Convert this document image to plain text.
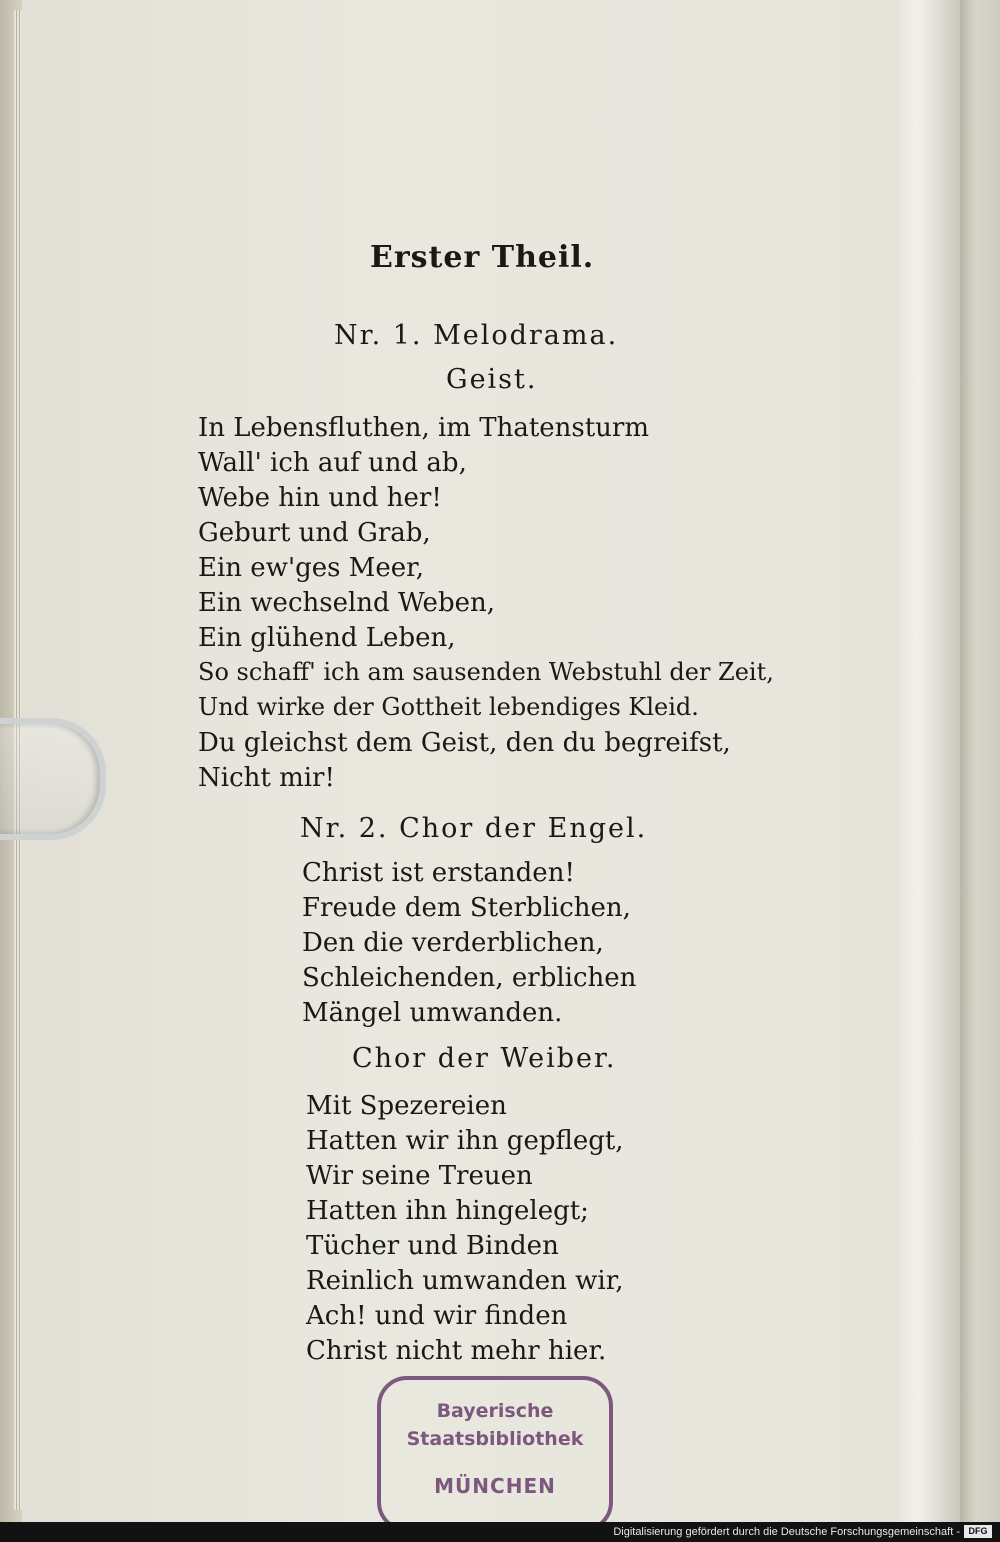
Erster Theil.
Nr. 1. Melodrama.
Geist.
In Lebensfluthen, im Thatensturm
Wall' ich auf und ab,
Webe hin und her!
Geburt und Grab,
Ein ew'ges Meer,
Ein wechselnd Weben,
Ein glühend Leben,
So schaff' ich am sausenden Webstuhl der Zeit,
Und wirke der Gottheit lebendiges Kleid.
Du gleichst dem Geist, den du begreifst,
Nicht mir!
Nr. 2. Chor der Engel.
Christ ist erstanden!
Freude dem Sterblichen,
Den die verderblichen,
Schleichenden, erblichen
Mängel umwanden.
Chor der Weiber.
Mit Spezereien
Hatten wir ihn gepflegt,
Wir seine Treuen
Hatten ihn hingelegt;
Tücher und Binden
Reinlich umwanden wir,
Ach! und wir finden
Christ nicht mehr hier.
Bayerische
Staatsbibliothek
MÜNCHEN
Digitalisierung gefördert durch die Deutsche Forschungsgemeinschaft - DFG
